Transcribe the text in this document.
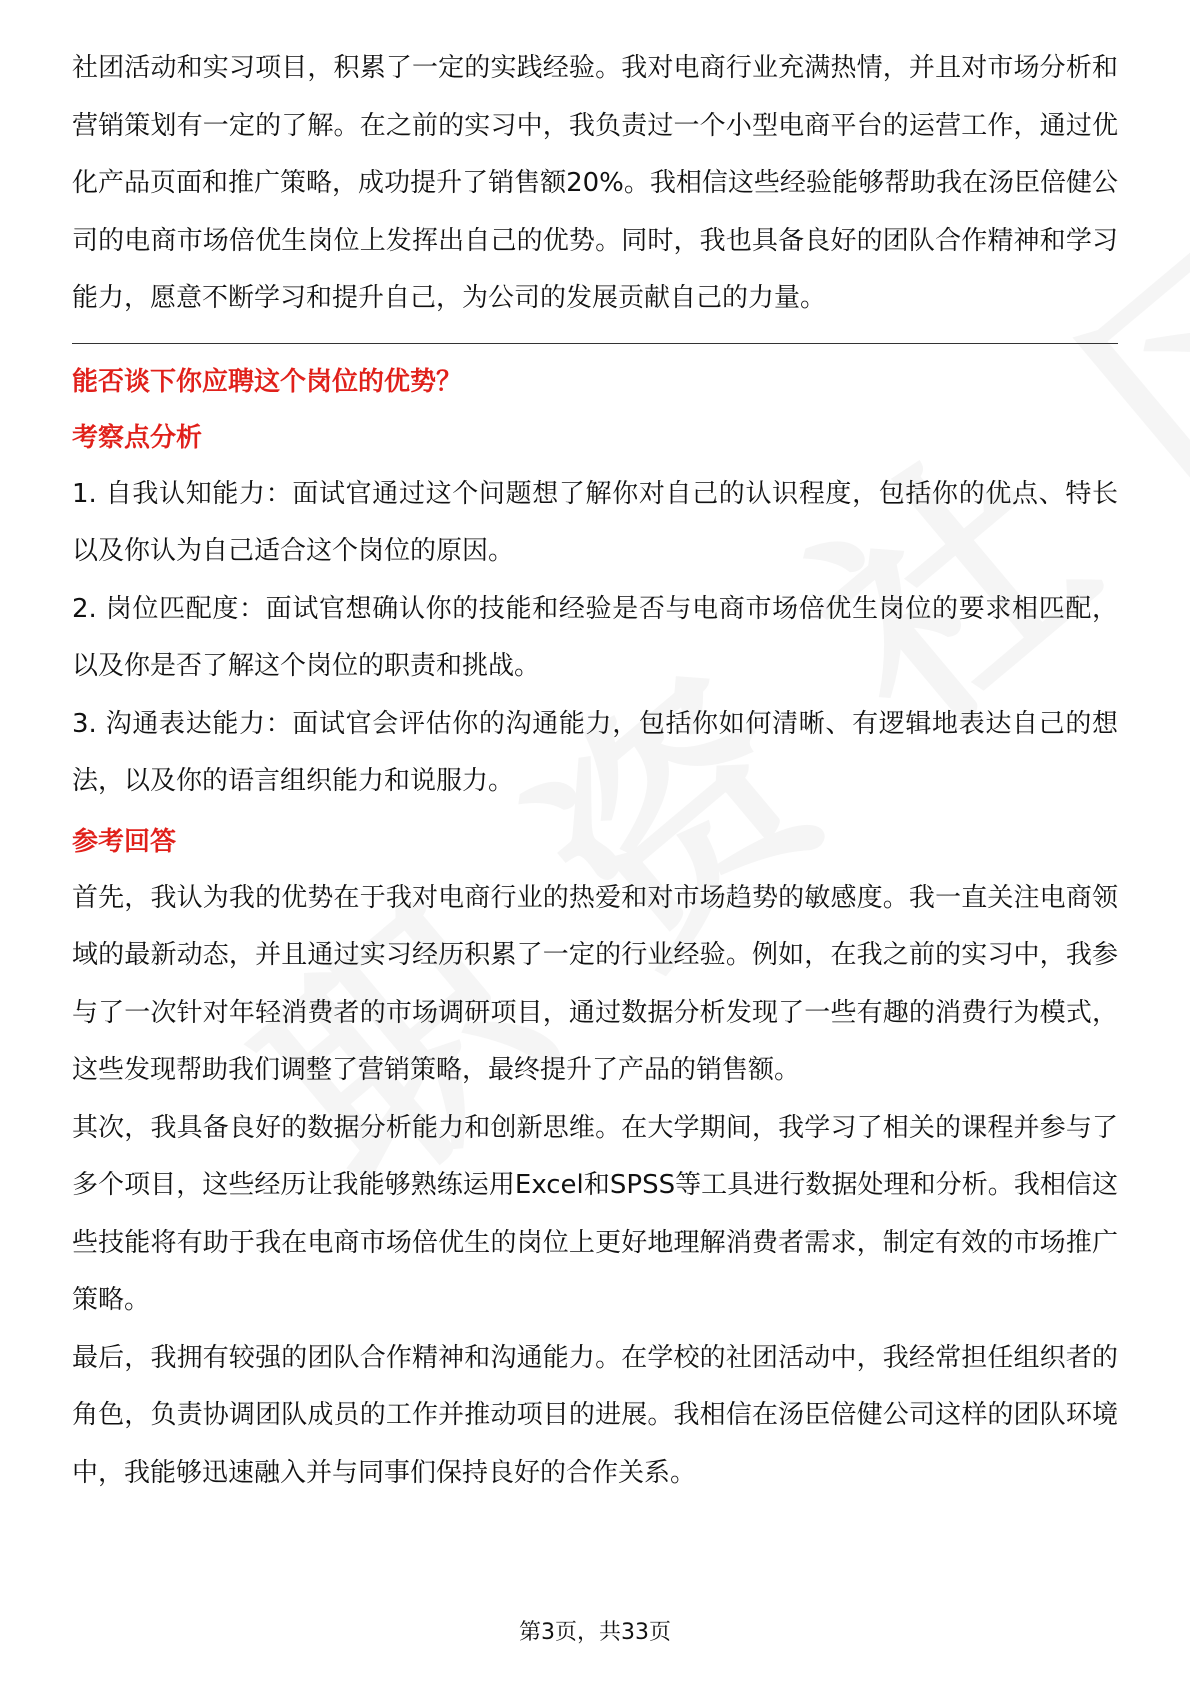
社团活动和实习项目，积累了一定的实践经验。我对电商行业充满热情，并且对市场分析和营销策划有一定的了解。在之前的实习中，我负责过一个小型电商平台的运营工作，通过优化产品页面和推广策略，成功提升了销售额20%。我相信这些经验能够帮助我在汤臣倍健公司的电商市场倍优生岗位上发挥出自己的优势。同时，我也具备良好的团队合作精神和学习能力，愿意不断学习和提升自己，为公司的发展贡献自己的力量。

能否谈下你应聘这个岗位的优势？
考察点分析

1. 自我认知能力：面试官通过这个问题想了解你对自己的认识程度，包括你的优点、特长以及你认为自己适合这个岗位的原因。

2. 岗位匹配度：面试官想确认你的技能和经验是否与电商市场倍优生岗位的要求相匹配，以及你是否了解这个岗位的职责和挑战。

3. 沟通表达能力：面试官会评估你的沟通能力，包括你如何清晰、有逻辑地表达自己的想法，以及你的语言组织能力和说服力。

参考回答

首先，我认为我的优势在于我对电商行业的热爱和对市场趋势的敏感度。我一直关注电商领域的最新动态，并且通过实习经历积累了一定的行业经验。例如，在我之前的实习中，我参与了一次针对年轻消费者的市场调研项目，通过数据分析发现了一些有趣的消费行为模式，这些发现帮助我们调整了营销策略，最终提升了产品的销售额。

其次，我具备良好的数据分析能力和创新思维。在大学期间，我学习了相关的课程并参与了多个项目，这些经历让我能够熟练运用Excel和SPSS等工具进行数据处理和分析。我相信这些技能将有助于我在电商市场倍优生的岗位上更好地理解消费者需求，制定有效的市场推广策略。

最后，我拥有较强的团队合作精神和沟通能力。在学校的社团活动中，我经常担任组织者的角色，负责协调团队成员的工作并推动项目的进展。我相信在汤臣倍健公司这样的团队环境中，我能够迅速融入并与同事们保持良好的合作关系。

第3页，共33页
